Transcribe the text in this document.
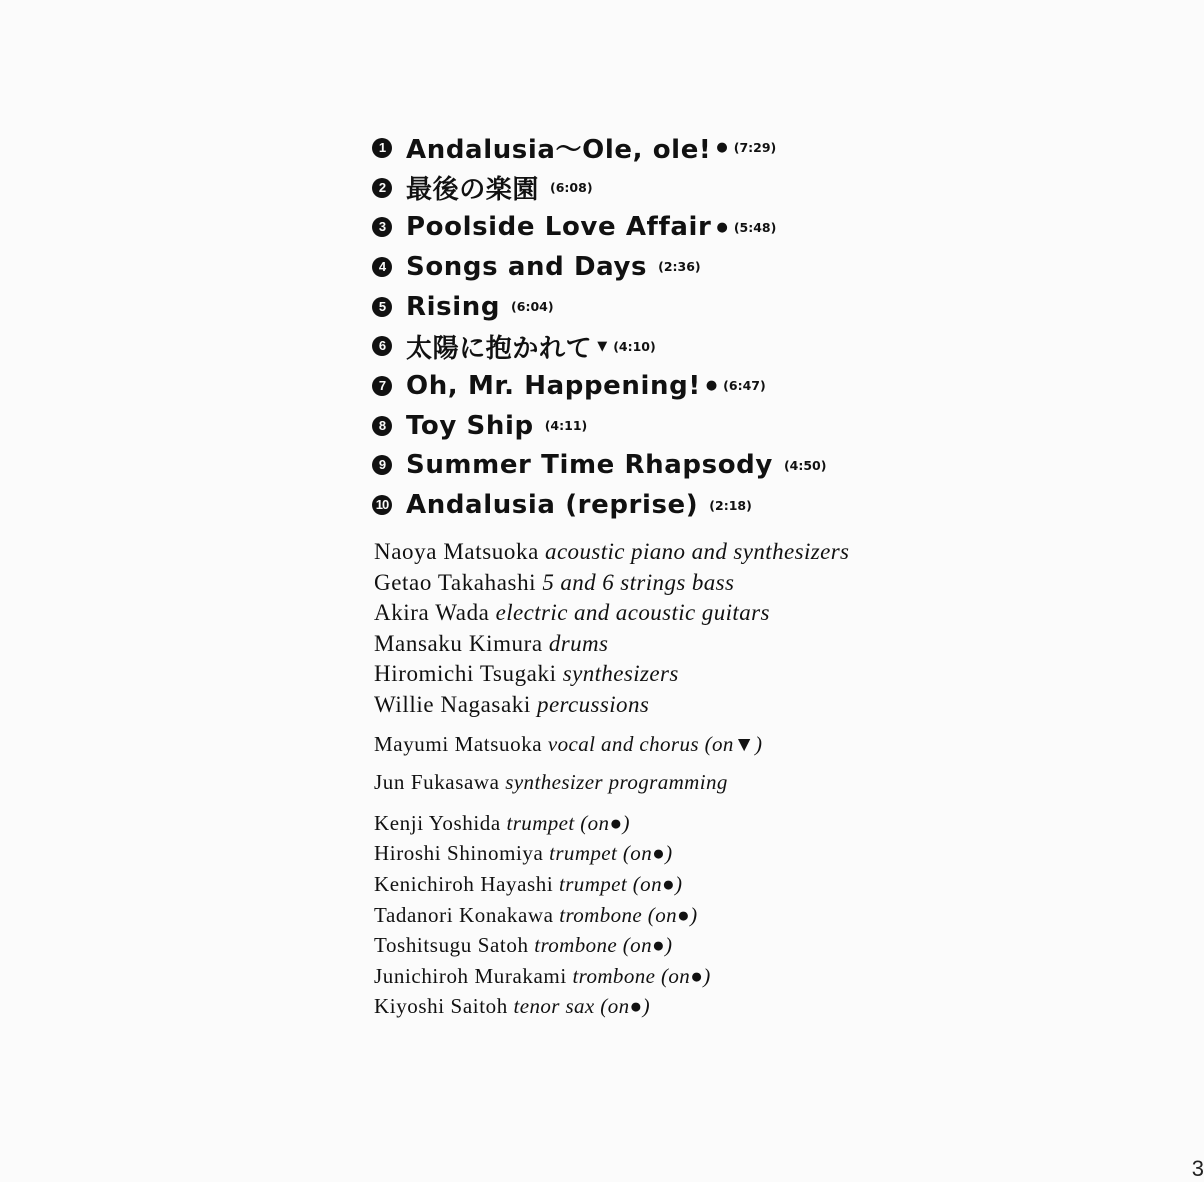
1 Andalusia〜Ole, ole! ● (7:29)
2 最後の楽園 (6:08)
3 Poolside Love Affair ● (5:48)
4 Songs and Days (2:36)
5 Rising (6:04)
6 太陽に抱かれて ▼ (4:10)
7 Oh, Mr. Happening! ● (6:47)
8 Toy Ship (4:11)
9 Summer Time Rhapsody (4:50)
10 Andalusia (reprise) (2:18)
Naoya Matsuoka acoustic piano and synthesizers
Getao Takahashi 5 and 6 strings bass
Akira Wada electric and acoustic guitars
Mansaku Kimura drums
Hiromichi Tsugaki synthesizers
Willie Nagasaki percussions
Mayumi Matsuoka vocal and chorus (on▼)
Jun Fukasawa synthesizer programming
Kenji Yoshida trumpet (on●)
Hiroshi Shinomiya trumpet (on●)
Kenichiroh Hayashi trumpet (on●)
Tadanori Konakawa trombone (on●)
Toshitsugu Satoh trombone (on●)
Junichiroh Murakami trombone (on●)
Kiyoshi Saitoh tenor sax (on●)
3
